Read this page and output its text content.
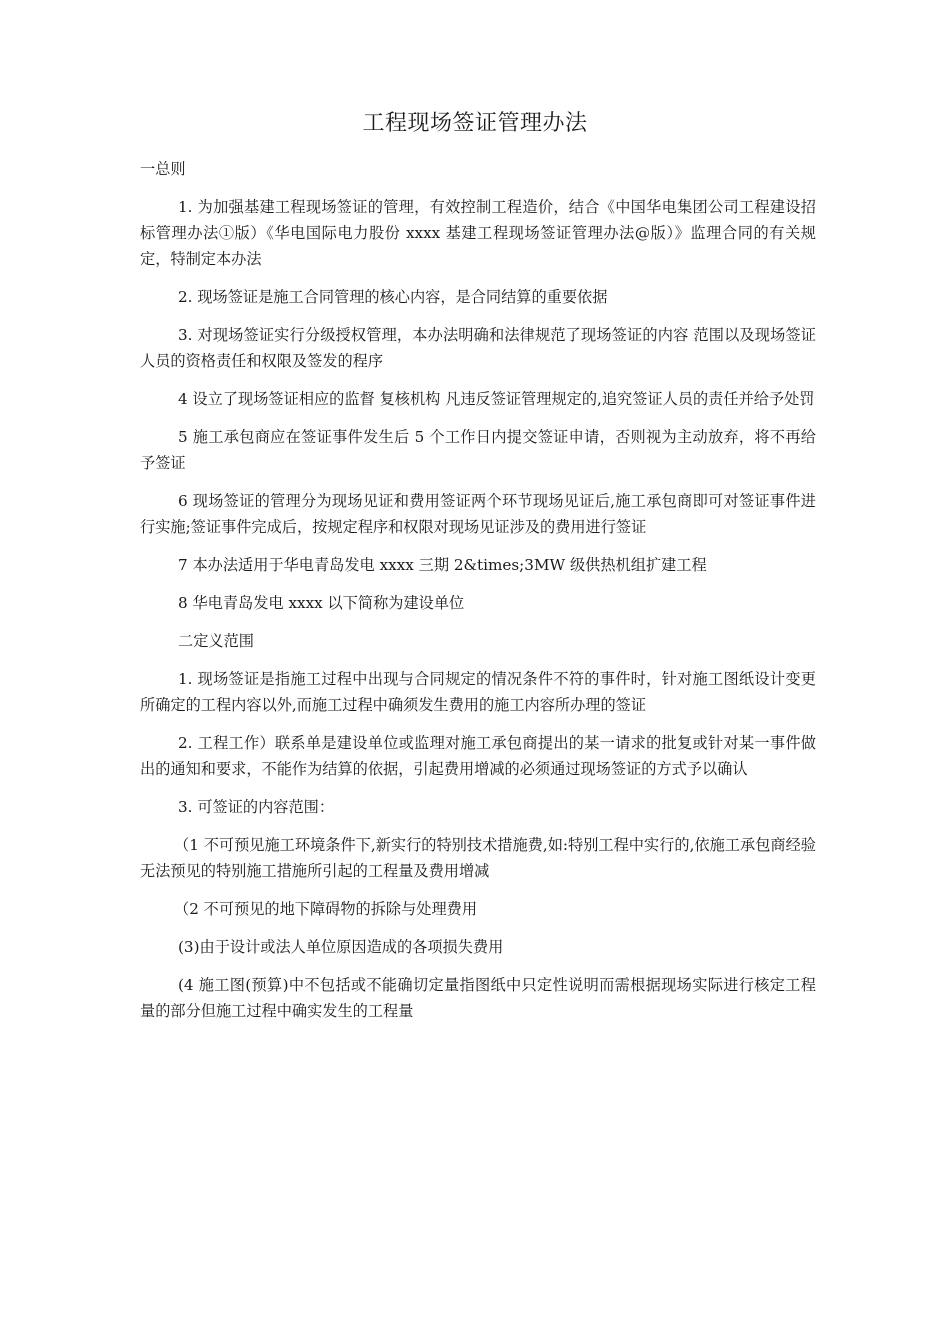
工程现场签证管理办法

一总则

1. 为加强基建工程现场签证的管理，有效控制工程造价，结合《中国华电集团公司工程建设招标管理办法①版）《华电国际电力股份 xxxx 基建工程现场签证管理办法@版）》监理合同的有关规定，特制定本办法

2. 现场签证是施工合同管理的核心内容，是合同结算的重要依据

3. 对现场签证实行分级授权管理，本办法明确和法律规范了现场签证的内容 范围以及现场签证人员的资格责任和权限及签发的程序

4 设立了现场签证相应的监督 复核机构 凡违反签证管理规定的,追究签证人员的责任并给予处罚

5 施工承包商应在签证事件发生后 5 个工作日内提交签证申请，否则视为主动放弃，将不再给予签证

6 现场签证的管理分为现场见证和费用签证两个环节现场见证后,施工承包商即可对签证事件进行实施;签证事件完成后，按规定程序和权限对现场见证涉及的费用进行签证

7 本办法适用于华电青岛发电 xxxx 三期 2&times;3MW 级供热机组扩建工程

8 华电青岛发电 xxxx 以下简称为建设单位

二定义范围

1. 现场签证是指施工过程中出现与合同规定的情况条件不符的事件时，针对施工图纸设计变更所确定的工程内容以外,而施工过程中确须发生费用的施工内容所办理的签证

2. 工程工作）联系单是建设单位或监理对施工承包商提出的某一请求的批复或针对某一事件做出的通知和要求，不能作为结算的依据，引起费用增减的必须通过现场签证的方式予以确认

3. 可签证的内容范围：

（1 不可预见施工环境条件下,新实行的特别技术措施费,如:特别工程中实行的,依施工承包商经验无法预见的特别施工措施所引起的工程量及费用增减

（2 不可预见的地下障碍物的拆除与处理费用

(3)由于设计或法人单位原因造成的各项损失费用

(4 施工图(预算)中不包括或不能确切定量指图纸中只定性说明而需根据现场实际进行核定工程量的部分但施工过程中确实发生的工程量
